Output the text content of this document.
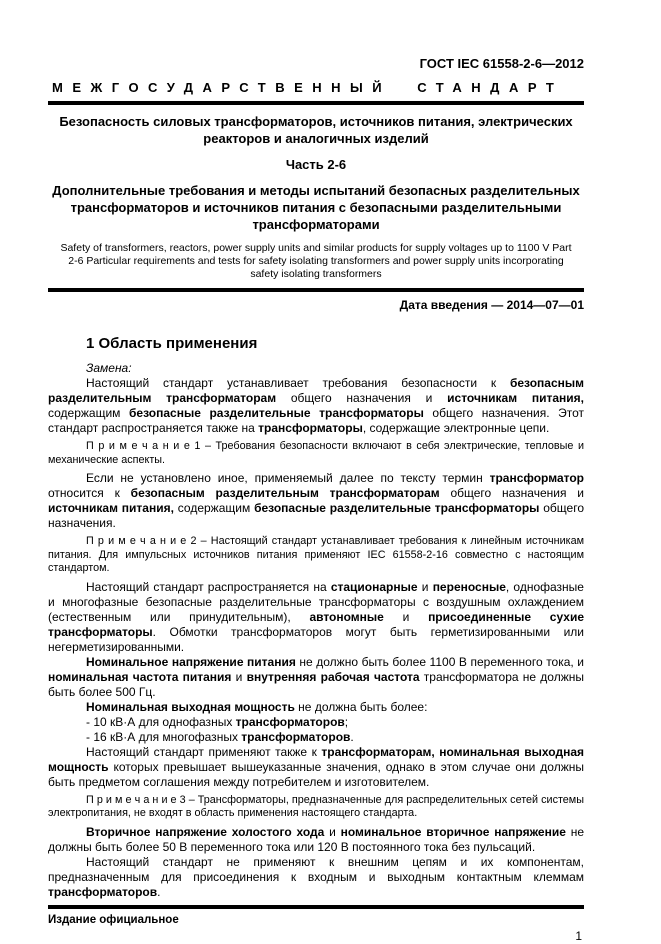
ГОСТ IEC 61558-2-6—2012

МЕЖГОСУДАРСТВЕННЫЙ СТАНДАРТ

Безопасность силовых трансформаторов, источников питания, электрических реакторов и аналогичных изделий

Часть 2-6

Дополнительные требования и методы испытаний безопасных разделительных трансформаторов и источников питания с безопасными разделительными трансформаторами

Safety of transformers, reactors, power supply units and similar products for supply voltages up to 1100 V Part 2-6 Particular requirements and tests for safety isolating transformers and power supply units incorporating safety isolating transformers

Дата введения — 2014—07—01

1 Область применения

Замена:

Настоящий стандарт устанавливает требования безопасности к безопасным разделительным трансформаторам общего назначения и источникам питания, содержащим безопасные разделительные трансформаторы общего назначения. Этот стандарт распространяется также на трансформаторы, содержащие электронные цепи.

П р и м е ч а н и е 1 – Требования безопасности включают в себя электрические, тепловые и механические аспекты.

Если не установлено иное, применяемый далее по тексту термин трансформатор относится к безопасным разделительным трансформаторам общего назначения и источникам питания, содержащим безопасные разделительные трансформаторы общего назначения.

П р и м е ч а н и е 2 – Настоящий стандарт устанавливает требования к линейным источникам питания. Для импульсных источников питания применяют IEC 61558-2-16 совместно с настоящим стандартом.

Настоящий стандарт распространяется на стационарные и переносные, однофазные и многофазные безопасные разделительные трансформаторы с воздушным охлаждением (естественным или принудительным), автономные и присоединенные сухие трансформаторы. Обмотки трансформаторов могут быть герметизированными или негерметизированными.

Номинальное напряжение питания не должно быть более 1100 В переменного тока, и номинальная частота питания и внутренняя рабочая частота трансформатора не должны быть более 500 Гц.

Номинальная выходная мощность не должна быть более:

- 10 кВ·А для однофазных трансформаторов;

- 16 кВ·А для многофазных трансформаторов.

Настоящий стандарт применяют также к трансформаторам, номинальная выходная мощность которых превышает вышеуказанные значения, однако в этом случае они должны быть предметом соглашения между потребителем и изготовителем.

П р и м е ч а н и е 3 – Трансформаторы, предназначенные для распределительных сетей системы электропитания, не входят в область применения настоящего стандарта.

Вторичное напряжение холостого хода и номинальное вторичное напряжение не должны быть более 50 В переменного тока или 120 В постоянного тока без пульсаций.

Настоящий стандарт не применяют к внешним цепям и их компонентам, предназначенным для присоединения к входным и выходным контактным клеммам трансформаторов.

Издание официальное

1
